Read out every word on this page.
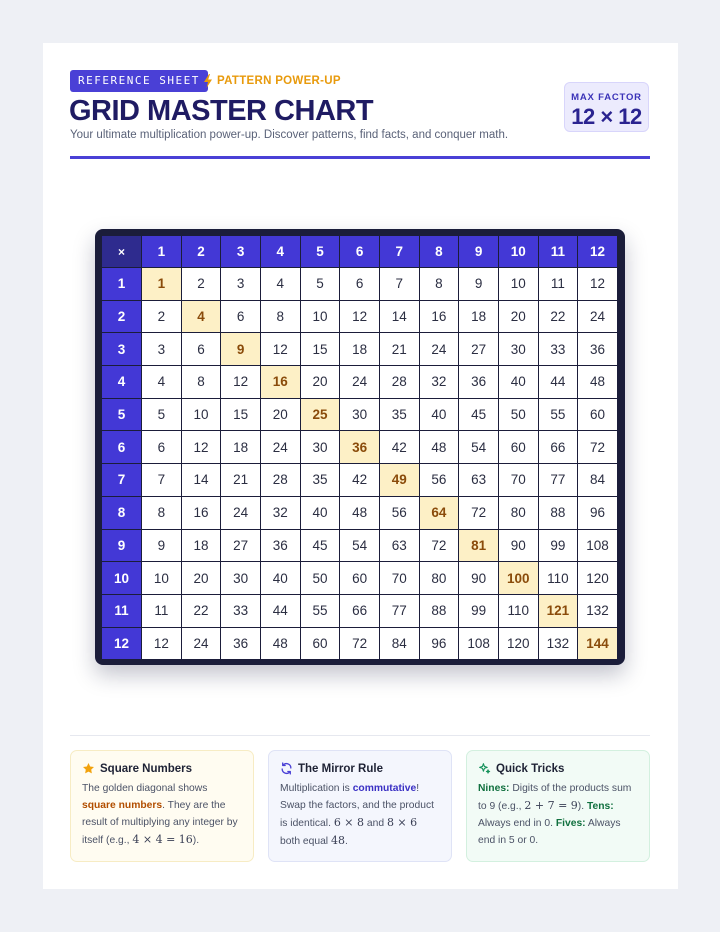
REFERENCE SHEET	PATTERN POWER-UP
GRID MASTER CHART

Your ultimate multiplication power-up. Discover patterns, find facts, and conquer math.

MAX FACTOR
12 × 12
×	1	2	3	4	5	6	7	8	9	10	11	12
1	1	2	3	4	5	6	7	8	9	10	11	12
2	2	4	6	8	10	12	14	16	18	20	22	24
3	3	6	9	12	15	18	21	24	27	30	33	36
4	4	8	12	16	20	24	28	32	36	40	44	48
5	5	10	15	20	25	30	35	40	45	50	55	60
6	6	12	18	24	30	36	42	48	54	60	66	72
7	7	14	21	28	35	42	49	56	63	70	77	84
8	8	16	24	32	40	48	56	64	72	80	88	96
9	9	18	27	36	45	54	63	72	81	90	99	108
10	10	20	30	40	50	60	70	80	90	100	110	120
11	11	22	33	44	55	66	77	88	99	110	121	132
12	12	24	36	48	60	72	84	96	108	120	132	144
Square Numbers

The golden diagonal shows square numbers. They are the result of multiplying any integer by itself (e.g., 4 × 4 = 16).

The Mirror Rule

Multiplication is commutative! Swap the factors, and the product is identical. 6 × 8 and 8 × 6 both equal 48.

Quick Tricks

Nines: Digits of the products sum to 9 (e.g., 2 + 7 = 9). Tens: Always end in 0. Fives: Always end in 5 or 0.
